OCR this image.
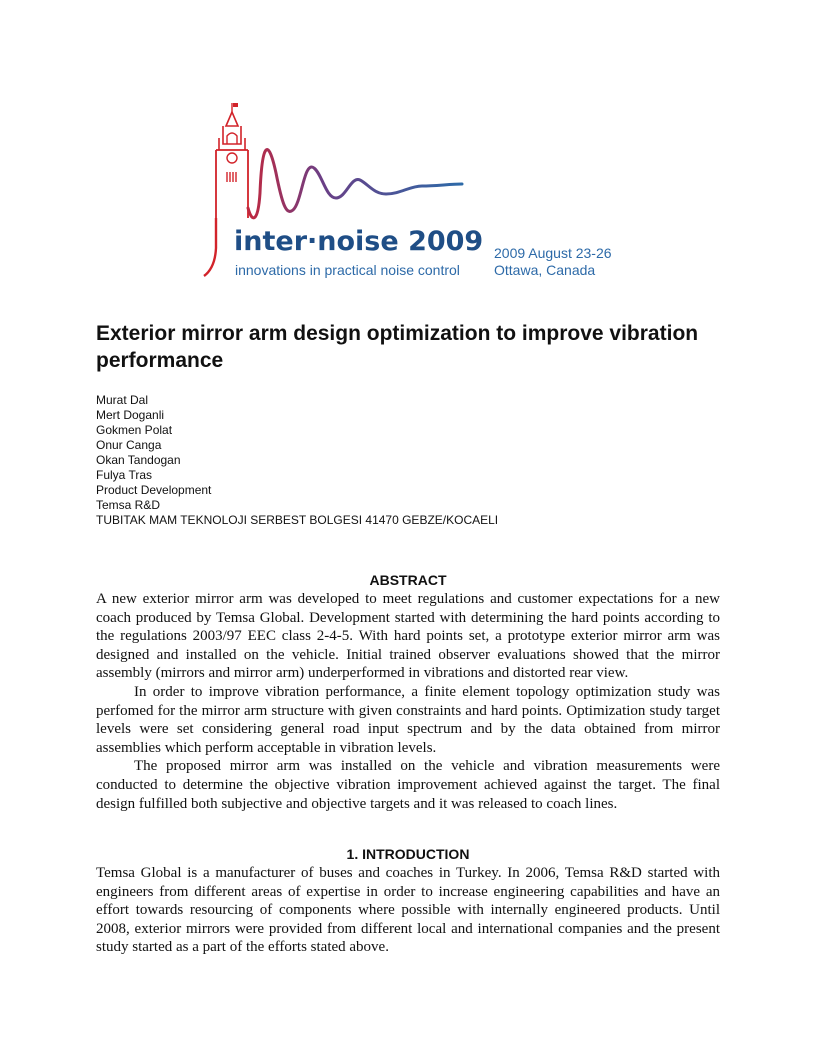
inter·noise 2009
innovations in practical noise control
2009 August 23-26
Ottawa, Canada
Exterior mirror arm design optimization to improve vibration performance
Murat Dal
Mert Doganli
Gokmen Polat
Onur Canga
Okan Tandogan
Fulya Tras
Product Development
Temsa R&D
TUBITAK MAM TEKNOLOJI SERBEST BOLGESI 41470 GEBZE/KOCAELI
ABSTRACT

A new exterior mirror arm was developed to meet regulations and customer expectations for a new coach produced by Temsa Global. Development started with determining the hard points according to the regulations 2003/97 EEC class 2-4-5. With hard points set, a prototype exterior mirror arm was designed and installed on the vehicle. Initial trained observer evaluations showed that the mirror assembly (mirrors and mirror arm) underperformed in vibrations and distorted rear view.

In order to improve vibration performance, a finite element topology optimization study was perfomed for the mirror arm structure with given constraints and hard points. Optimization study target levels were set considering general road input spectrum and by the data obtained from mirror assemblies which perform acceptable in vibration levels.

The proposed mirror arm was installed on the vehicle and vibration measurements were conducted to determine the objective vibration improvement achieved against the target. The final design fulfilled both subjective and objective targets and it was released to coach lines.

1. INTRODUCTION

Temsa Global is a manufacturer of buses and coaches in Turkey. In 2006, Temsa R&D started with engineers from different areas of expertise in order to increase engineering capabilities and have an effort towards resourcing of components where possible with internally engineered products. Until 2008, exterior mirrors were provided from different local and international companies and the present study started as a part of the efforts stated above.
